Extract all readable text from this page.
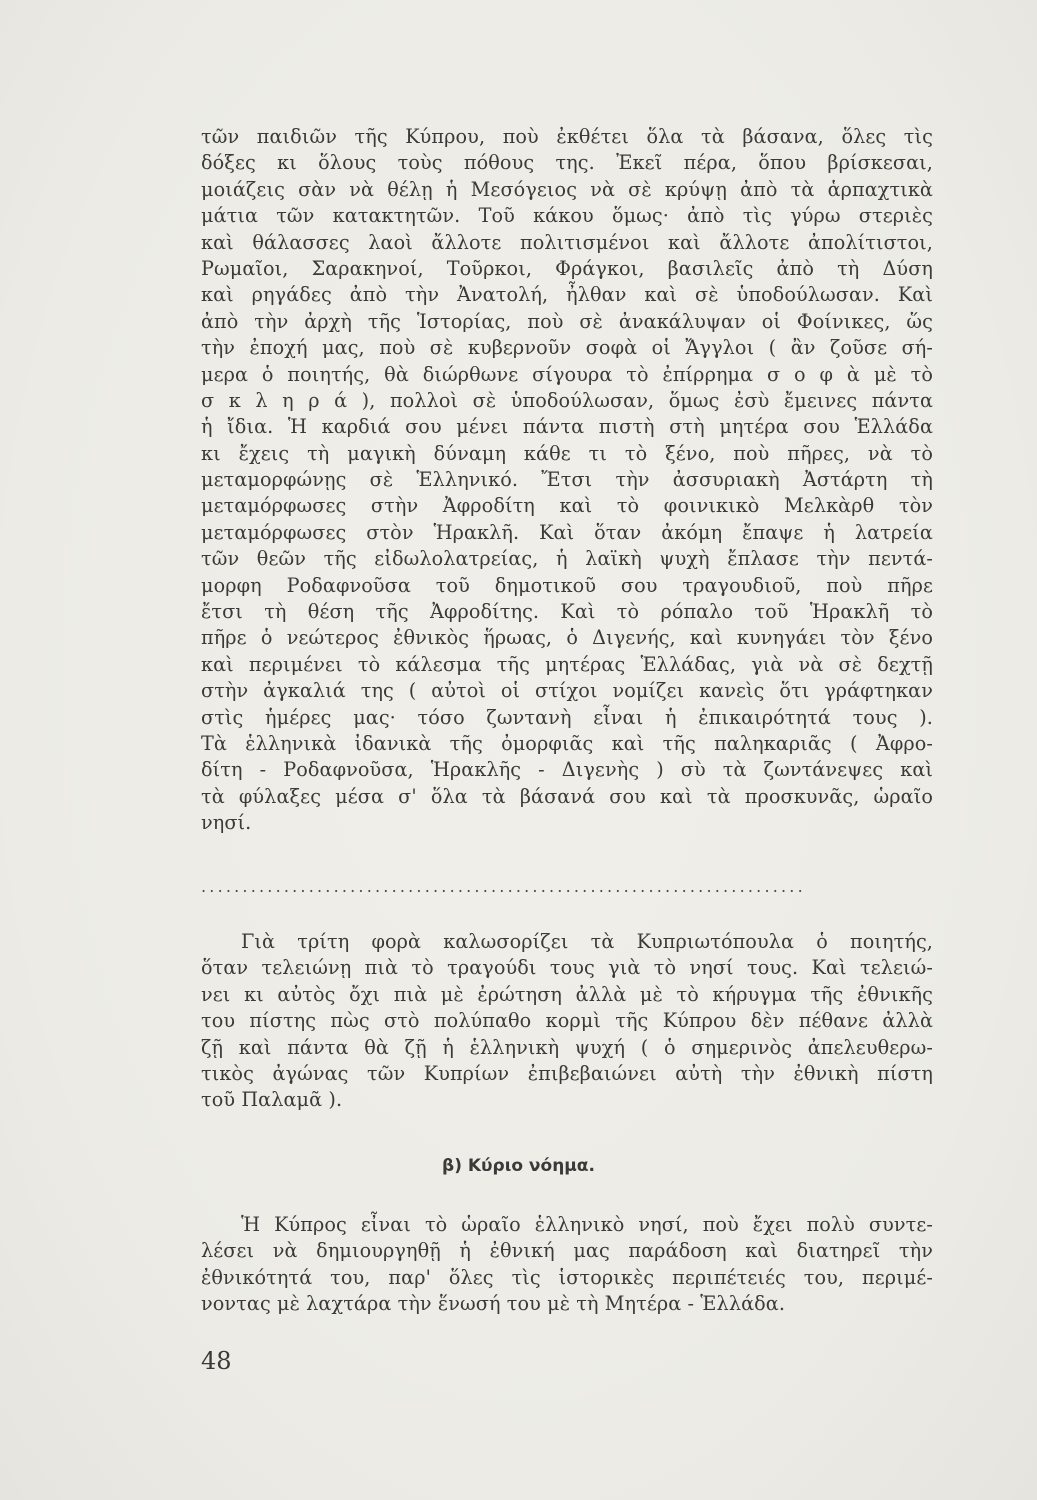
τῶν παιδιῶν τῆς Κύπρου, ποὺ ἐκθέτει ὅλα τὰ βάσανα, ὅλες τὶς
δόξες κι ὅλους τοὺς πόθους της. Ἐκεῖ πέρα, ὅπου βρίσκεσαι,
μοιάζεις σὰν νὰ θέλῃ ἡ Μεσόγειος νὰ σὲ κρύψῃ ἀπὸ τὰ ἁρπαχτικὰ
μάτια τῶν κατακτητῶν. Τοῦ κάκου ὅμως· ἀπὸ τὶς γύρω στεριὲς
καὶ θάλασσες λαοὶ ἄλλοτε πολιτισμένοι καὶ ἄλλοτε ἀπολίτιστοι,
Ρωμαῖοι, Σαρακηνοί, Τοῦρκοι, Φράγκοι, βασιλεῖς ἀπὸ τὴ Δύση
καὶ ρηγάδες ἀπὸ τὴν Ἀνατολή, ἦλθαν καὶ σὲ ὑποδούλωσαν. Καὶ
ἀπὸ τὴν ἀρχὴ τῆς Ἱστορίας, ποὺ σὲ ἀνακάλυψαν οἱ Φοίνικες, ὥς
τὴν ἐποχή μας, ποὺ σὲ κυβερνοῦν σοφὰ οἱ Ἄγγλοι ( ἂν ζοῦσε σή-
μερα ὁ ποιητής, θὰ διώρθωνε σίγουρα τὸ ἐπίρρημα σ ο φ ὰ μὲ τὸ
σ κ λ η ρ ά ), πολλοὶ σὲ ὑποδούλωσαν, ὅμως ἐσὺ ἔμεινες πάντα
ἡ ἴδια. Ἡ καρδιά σου μένει πάντα πιστὴ στὴ μητέρα σου Ἑλλάδα
κι ἔχεις τὴ μαγικὴ δύναμη κάθε τι τὸ ξένο, ποὺ πῆρες, νὰ τὸ
μεταμορφώνῃς σὲ Ἑλληνικό. Ἔτσι τὴν ἀσσυριακὴ Ἀστάρτη τὴ
μεταμόρφωσες στὴν Ἀφροδίτη καὶ τὸ φοινικικὸ Μελκὰρθ τὸν
μεταμόρφωσες στὸν Ἡρακλῆ. Καὶ ὅταν ἀκόμη ἔπαψε ἡ λατρεία
τῶν θεῶν τῆς εἰδωλολατρείας, ἡ λαϊκὴ ψυχὴ ἔπλασε τὴν πεντά-
μορφη Ροδαφνοῦσα τοῦ δημοτικοῦ σου τραγουδιοῦ, ποὺ πῆρε
ἔτσι τὴ θέση τῆς Ἀφροδίτης. Καὶ τὸ ρόπαλο τοῦ Ἡρακλῆ τὸ
πῆρε ὁ νεώτερος ἐθνικὸς ἥρωας, ὁ Διγενής, καὶ κυνηγάει τὸν ξένο
καὶ περιμένει τὸ κάλεσμα τῆς μητέρας Ἑλλάδας, γιὰ νὰ σὲ δεχτῇ
στὴν ἀγκαλιά της ( αὐτοὶ οἱ στίχοι νομίζει κανεὶς ὅτι γράφτηκαν
στὶς ἡμέρες μας· τόσο ζωντανὴ εἶναι ἡ ἐπικαιρότητά τους ).
Τὰ ἑλληνικὰ ἰδανικὰ τῆς ὀμορφιᾶς καὶ τῆς παληκαριᾶς ( Ἀφρο-
δίτη - Ροδαφνοῦσα, Ἡρακλῆς - Διγενὴς ) σὺ τὰ ζωντάνεψες καὶ
τὰ φύλαξες μέσα σ' ὅλα τὰ βάσανά σου καὶ τὰ προσκυνᾶς, ὡραῖο
νησί.
.........................................................................
Γιὰ τρίτη φορὰ καλωσορίζει τὰ Κυπριωτόπουλα ὁ ποιητής,
ὅταν τελειώνῃ πιὰ τὸ τραγούδι τους γιὰ τὸ νησί τους. Καὶ τελειώ-
νει κι αὐτὸς ὄχι πιὰ μὲ ἐρώτηση ἀλλὰ μὲ τὸ κήρυγμα τῆς ἐθνικῆς
του πίστης πὼς στὸ πολύπαθο κορμὶ τῆς Κύπρου δὲν πέθανε ἀλλὰ
ζῇ καὶ πάντα θὰ ζῇ ἡ ἑλληνικὴ ψυχή ( ὁ σημερινὸς ἀπελευθερω-
τικὸς ἀγώνας τῶν Κυπρίων ἐπιβεβαιώνει αὐτὴ τὴν ἐθνικὴ πίστη
τοῦ Παλαμᾶ ).
β) Κύριο νόημα.
Ἡ Κύπρος εἶναι τὸ ὡραῖο ἑλληνικὸ νησί, ποὺ ἔχει πολὺ συντε-
λέσει νὰ δημιουργηθῇ ἡ ἐθνική μας παράδοση καὶ διατηρεῖ τὴν
ἐθνικότητά του, παρ' ὅλες τὶς ἱστορικὲς περιπέτειές του, περιμέ-
νοντας μὲ λαχτάρα τὴν ἕνωσή του μὲ τὴ Μητέρα - Ἑλλάδα.
48
